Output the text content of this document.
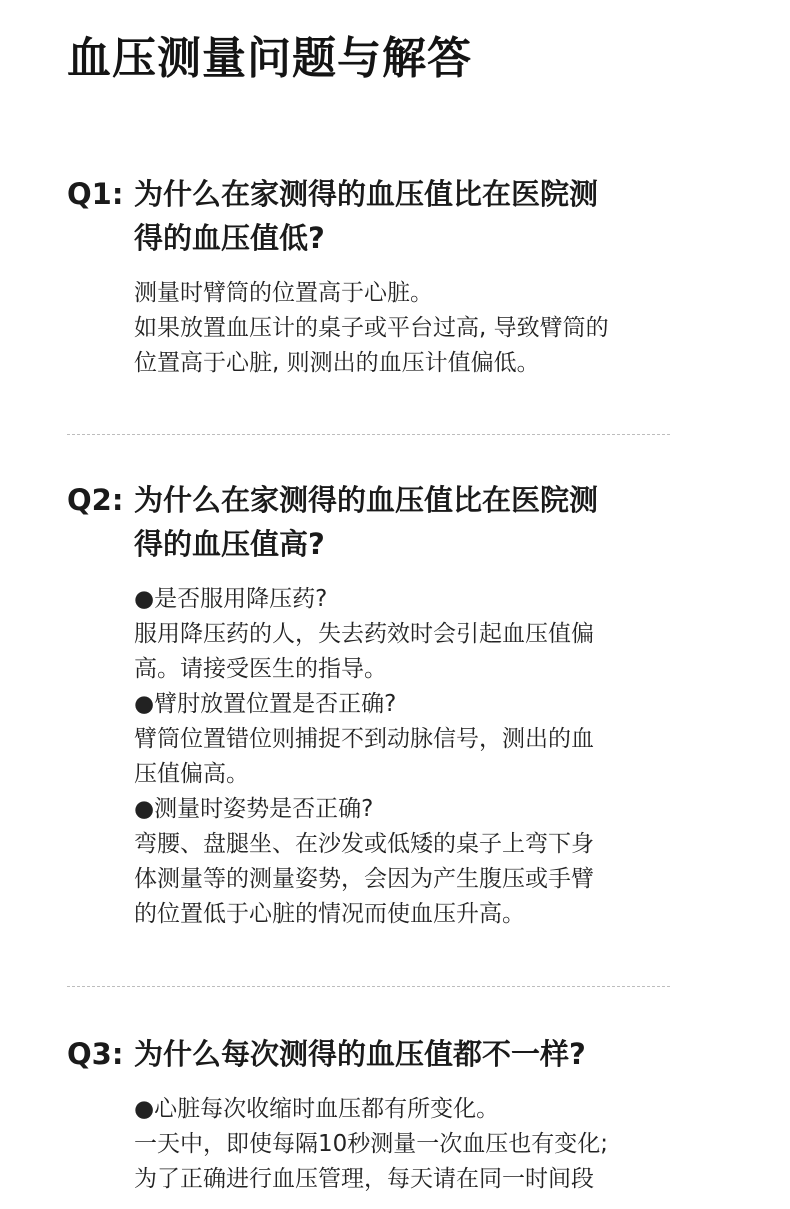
血压测量问题与解答
Q1: 为什么在家测得的血压值比在医院测
得的血压值低?
测量时臂筒的位置高于心脏。
如果放置血压计的桌子或平台过高, 导致臂筒的
位置高于心脏, 则测出的血压计值偏低。
Q2: 为什么在家测得的血压值比在医院测
得的血压值高?
●是否服用降压药?
服用降压药的人，失去药效时会引起血压值偏
高。请接受医生的指导。
●臂肘放置位置是否正确?
臂筒位置错位则捕捉不到动脉信号，测出的血
压值偏高。
●测量时姿势是否正确?
弯腰、盘腿坐、在沙发或低矮的桌子上弯下身
体测量等的测量姿势，会因为产生腹压或手臂
的位置低于心脏的情况而使血压升高。
Q3: 为什么每次测得的血压值都不一样?
●心脏每次收缩时血压都有所变化。
一天中，即使每隔10秒测量一次血压也有变化;
为了正确进行血压管理，每天请在同一时间段
